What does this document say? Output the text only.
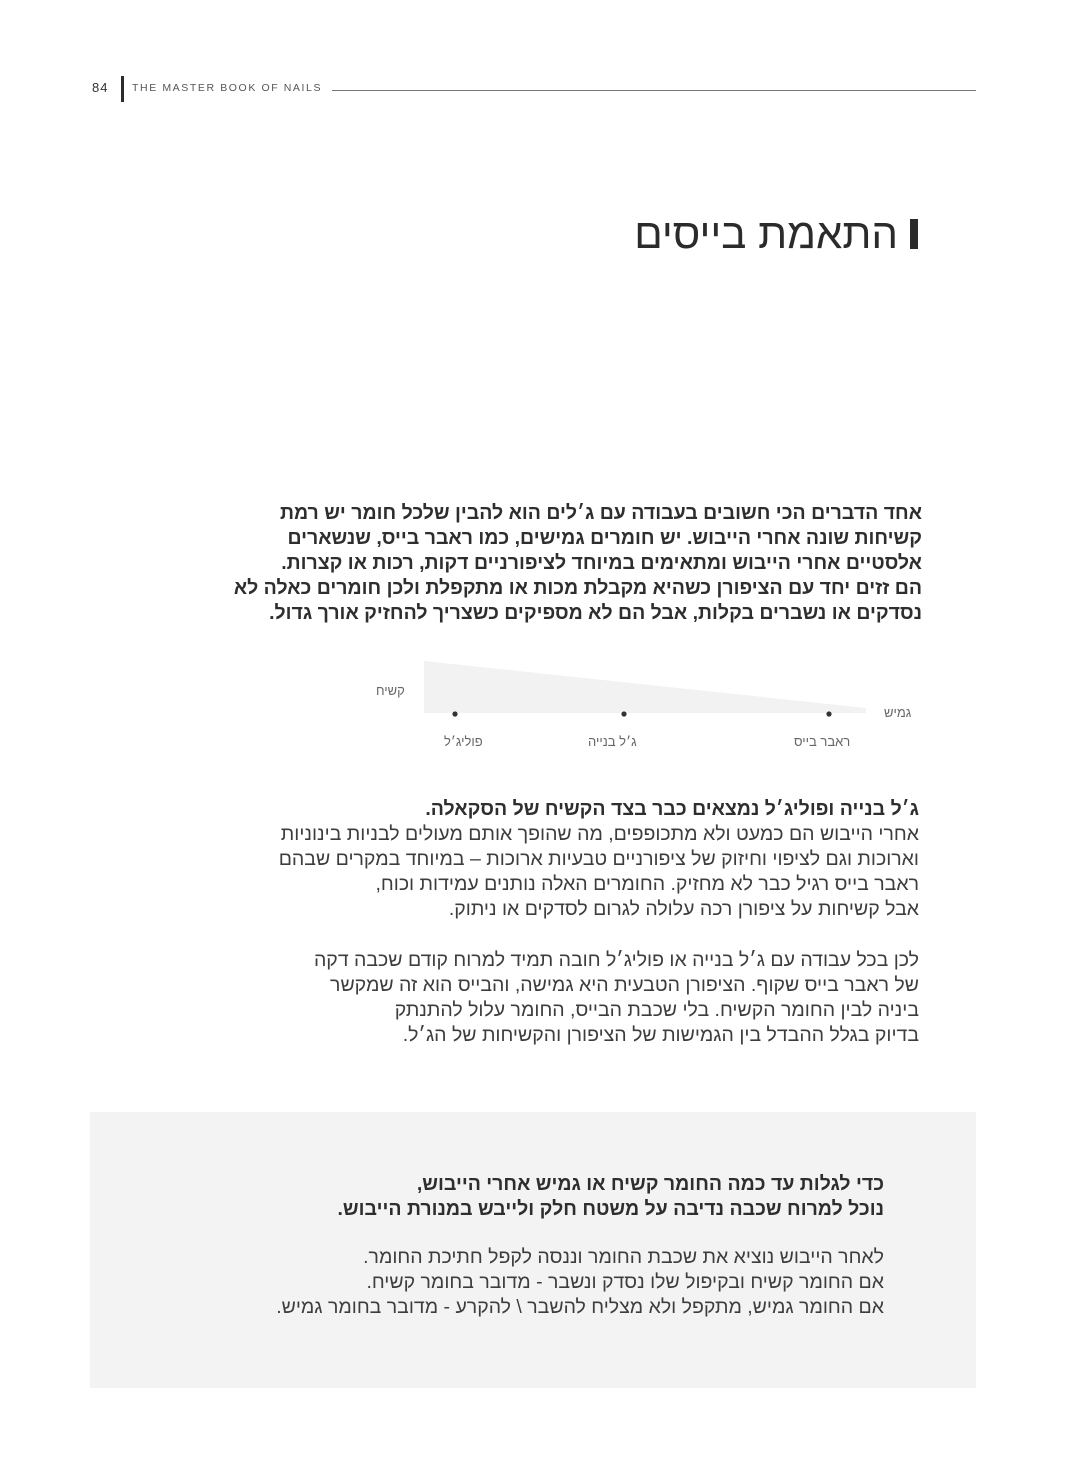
84 THE MASTER BOOK OF NAILS
התאמת בייסים
אחד הדברים הכי חשובים בעבודה עם ג׳לים הוא להבין שלכל חומר יש רמת
קשיחות שונה אחרי הייבוש. יש חומרים גמישים, כמו ראבר בייס, שנשארים
אלסטיים אחרי הייבוש ומתאימים במיוחד לציפורניים דקות, רכות או קצרות.
הם זזים יחד עם הציפורן כשהיא מקבלת מכות או מתקפלת ולכן חומרים כאלה לא
נסדקים או נשברים בקלות, אבל הם לא מספיקים כשצריך להחזיק אורך גדול.
קשיח
גמיש
פוליג׳ל	ג׳ל בנייה	ראבר בייס
ג׳ל בנייה ופוליג׳ל נמצאים כבר בצד הקשיח של הסקאלה.
אחרי הייבוש הם כמעט ולא מתכופפים, מה שהופך אותם מעולים לבניות בינוניות
וארוכות וגם לציפוי וחיזוק של ציפורניים טבעיות ארוכות – במיוחד במקרים שבהם
ראבר בייס רגיל כבר לא מחזיק. החומרים האלה נותנים עמידות וכוח,
אבל קשיחות על ציפורן רכה עלולה לגרום לסדקים או ניתוק.
לכן בכל עבודה עם ג׳ל בנייה או פוליג׳ל חובה תמיד למרוח קודם שכבה דקה
של ראבר בייס שקוף. הציפורן הטבעית היא גמישה, והבייס הוא זה שמקשר
ביניה לבין החומר הקשיח. בלי שכבת הבייס, החומר עלול להתנתק
בדיוק בגלל ההבדל בין הגמישות של הציפורן והקשיחות של הג׳ל.
כדי לגלות עד כמה החומר קשיח או גמיש אחרי הייבוש,
נוכל למרוח שכבה נדיבה על משטח חלק ולייבש במנורת הייבוש.
לאחר הייבוש נוציא את שכבת החומר וננסה לקפל חתיכת החומר.
אם החומר קשיח ובקיפול שלו נסדק ונשבר - מדובר בחומר קשיח.
אם החומר גמיש, מתקפל ולא מצליח להשבר \ להקרע - מדובר בחומר גמיש.
